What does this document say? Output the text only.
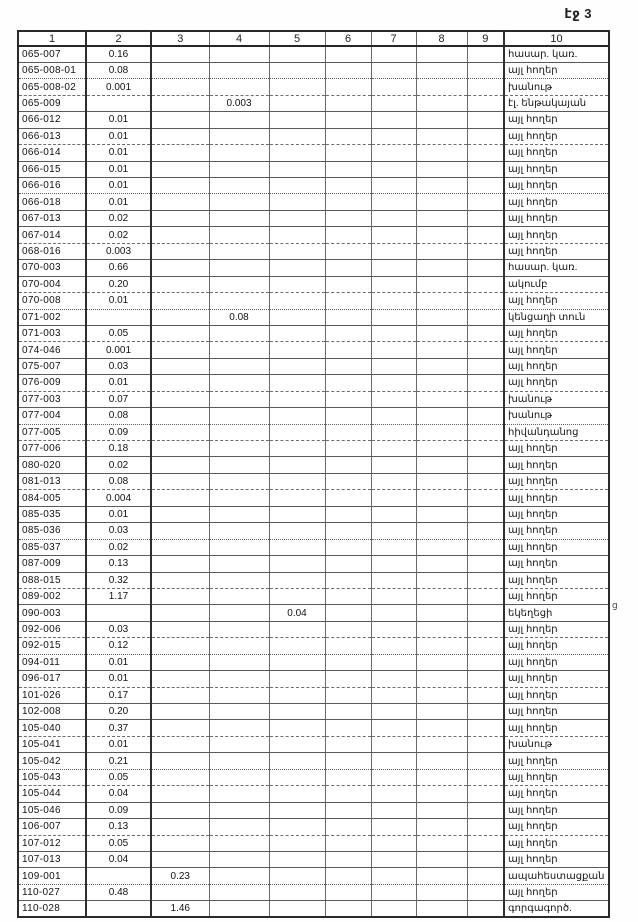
էջ 3
1	2	3	4	5	6	7	8	9	10
065-007	0.16								հասար. կառ.
065-008-01	0.08								այլ հողեր
065-008-02	0.001								խանութ
065-009			0.003						էլ. ենթակայան
066-012	0.01								այլ հողեր
066-013	0.01								այլ հողեր
066-014	0.01								այլ հողեր
066-015	0.01								այլ հողեր
066-016	0.01								այլ հողեր
066-018	0.01								այլ հողեր
067-013	0.02								այլ հողեր
067-014	0.02								այլ հողեր
068-016	0.003								այլ հողեր
070-003	0.66								հասար. կառ.
070-004	0.20								ակումբ
070-008	0.01								այլ հողեր
071-002			0.08						կենցաղի տուն
071-003	0.05								այլ հողեր
074-046	0.001								այլ հողեր
075-007	0.03								այլ հողեր
076-009	0.01								այլ հողեր
077-003	0.07								խանութ
077-004	0.08								խանութ
077-005	0.09								հիվանդանոց
077-006	0.18								այլ հողեր
080-020	0.02								այլ հողեր
081-013	0.08								այլ հողեր
084-005	0.004								այլ հողեր
085-035	0.01								այլ հողեր
085-036	0.03								այլ հողեր
085-037	0.02								այլ հողեր
087-009	0.13								այլ հողեր
088-015	0.32								այլ հողեր
089-002	1.17								այլ հողեր
090-003				0.04					եկեղեցի
092-006	0.03								այլ հողեր
092-015	0.12								այլ հողեր
094-011	0.01								այլ հողեր
096-017	0.01								այլ հողեր
101-026	0.17								այլ հողեր
102-008	0.20								այլ հողեր
105-040	0.37								այլ հողեր
105-041	0.01								խանութ
105-042	0.21								այլ հողեր
105-043	0.05								այլ հողեր
105-044	0.04								այլ հողեր
105-046	0.09								այլ հողեր
106-007	0.13								այլ հողեր
107-012	0.05								այլ հողեր
107-013	0.04								այլ հողեր
109-001		0.23							ապահեստացքան
110-027	0.48								այլ հողեր
110-028		1.46							գորգագործ.
ց
